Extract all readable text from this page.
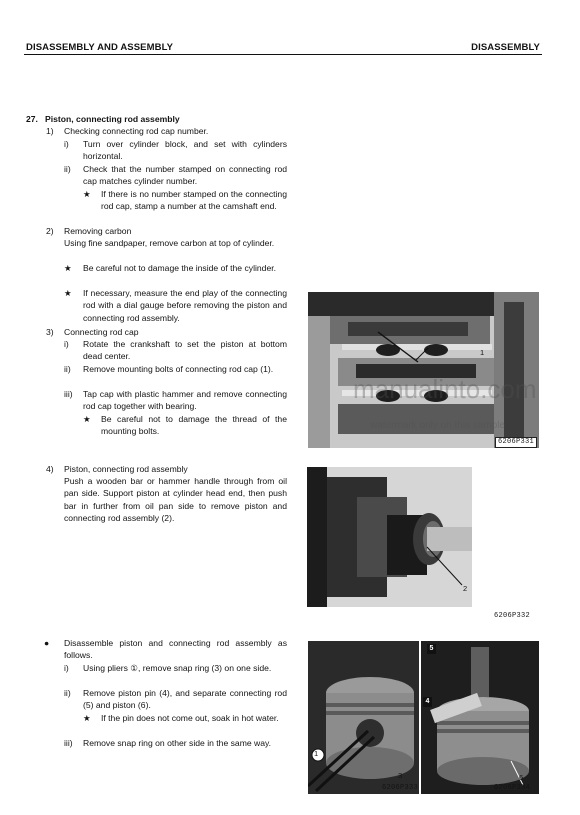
DISASSEMBLY AND ASSEMBLY	DISASSEMBLY
27. Piston, connecting rod assembly
1) Checking connecting rod cap number.
i) Turn over cylinder block, and set with cylinders horizontal.
ii) Check that the number stamped on connecting rod cap matches cylinder number.
★ If there is no number stamped on the connecting rod cap, stamp a number at the camshaft end.
2) Removing carbon
Using fine sandpaper, remove carbon at top of cylinder.
★ Be careful not to damage the inside of the cylinder.
★ If necessary, measure the end play of the connecting rod with a dial gauge before removing the piston and connecting rod assembly.
3) Connecting rod cap
i) Rotate the crankshaft to set the piston at bottom dead center.
ii) Remove mounting bolts of connecting rod cap (1).
iii) Tap cap with plastic hammer and remove connecting rod cap together with bearing.
★ Be careful not to damage the thread of the mounting bolts.
4) Piston, connecting rod assembly
Push a wooden bar or hammer handle through from oil pan side. Support piston at cylinder head end, then push bar in further from oil pan side to remove piston and connecting rod assembly (2).
● Disassemble piston and connecting rod assembly as follows.
i) Using pliers ①, remove snap ring (3) on one side.
ii) Remove piston pin (4), and separate connecting rod (5) and piston (6).
★ If the pin does not come out, soak in hot water.
iii) Remove snap ring on other side in the same way.
1
6206P331
2
6206P332
1
3
6206P333
5
4
6
6206P334
manualinto.com
watermark only on this sample
